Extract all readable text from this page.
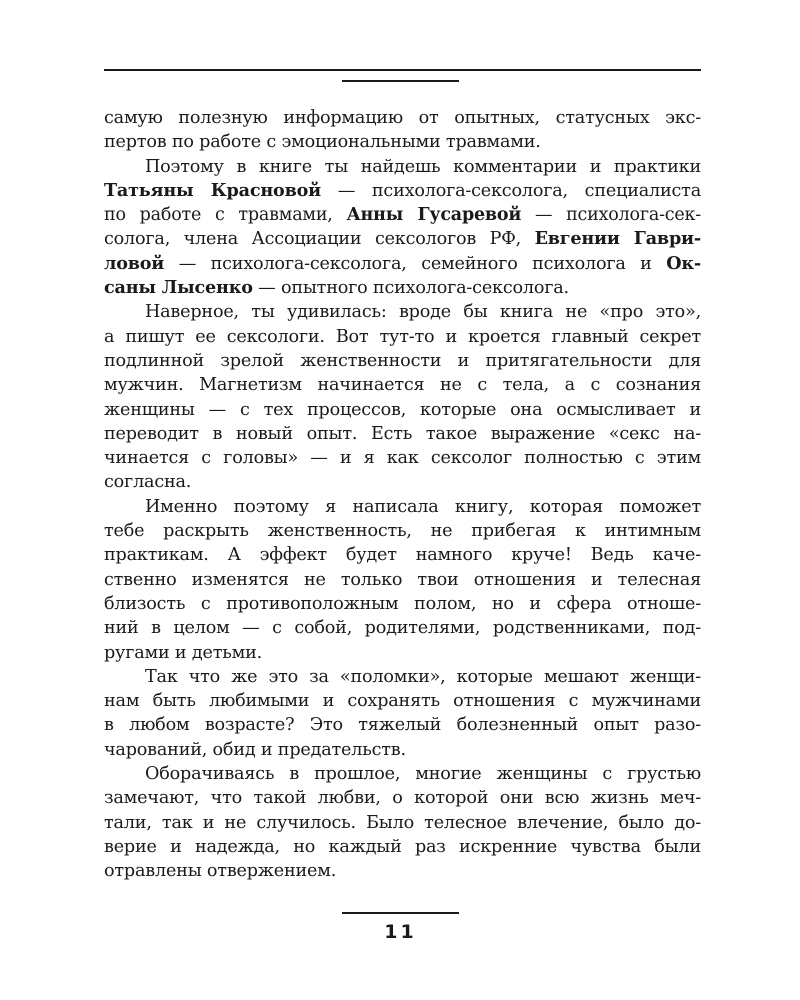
самую полезную информацию от опытных, статусных экс-
пертов по работе с эмоциональными травмами.
Поэтому в книге ты найдешь комментарии и практики
Татьяны Красновой — психолога-сексолога, специалиста
по работе с травмами, Анны Гусаревой — психолога-сек-
солога, члена Ассоциации сексологов РФ, Евгении Гаври-
ловой — психолога-сексолога, семейного психолога и Ок-
саны Лысенко — опытного психолога-сексолога.
Наверное, ты удивилась: вроде бы книга не «про это»,
а пишут ее сексологи. Вот тут-то и кроется главный секрет
подлинной зрелой женственности и притягательности для
мужчин. Магнетизм начинается не с тела, а с сознания
женщины — с тех процессов, которые она осмысливает и
переводит в новый опыт. Есть такое выражение «секс на-
чинается с головы» — и я как сексолог полностью с этим
согласна.
Именно поэтому я написала книгу, которая поможет
тебе раскрыть женственность, не прибегая к интимным
практикам. А эффект будет намного круче! Ведь каче-
ственно изменятся не только твои отношения и телесная
близость с противоположным полом, но и сфера отноше-
ний в целом — с собой, родителями, родственниками, под-
ругами и детьми.
Так что же это за «поломки», которые мешают женщи-
нам быть любимыми и сохранять отношения с мужчинами
в любом возрасте? Это тяжелый болезненный опыт разо-
чарований, обид и предательств.
Оборачиваясь в прошлое, многие женщины с грустью
замечают, что такой любви, о которой они всю жизнь меч-
тали, так и не случилось. Было телесное влечение, было до-
верие и надежда, но каждый раз искренние чувства были
отравлены отвержением.
11
